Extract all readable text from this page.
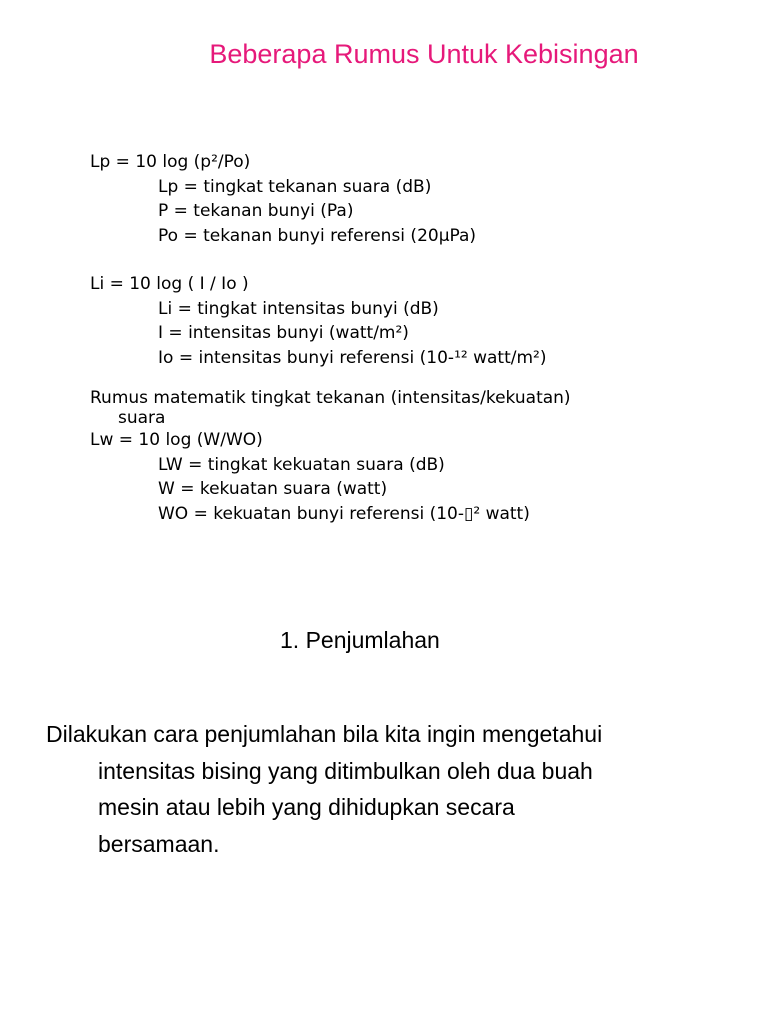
Beberapa Rumus Untuk Kebisingan
Lp = 10 log (p²/Po)
Lp = tingkat tekanan suara (dB)
P = tekanan bunyi (Pa)
Po = tekanan bunyi referensi (20µPa)
Li = 10 log ( I / Io )
Li = tingkat intensitas bunyi (dB)
I = intensitas bunyi (watt/m²)
Io = intensitas bunyi referensi (10-¹² watt/m²)
Rumus matematik tingkat tekanan (intensitas/kekuatan)
suara
Lw = 10 log (W/WO)
LW = tingkat kekuatan suara (dB)
W = kekuatan suara (watt)
WO = kekuatan bunyi referensi (10-▯² watt)
1. Penjumlahan
Dilakukan cara penjumlahan bila kita ingin mengetahui
intensitas bising yang ditimbulkan oleh dua buah
mesin atau lebih yang dihidupkan secara
bersamaan.
